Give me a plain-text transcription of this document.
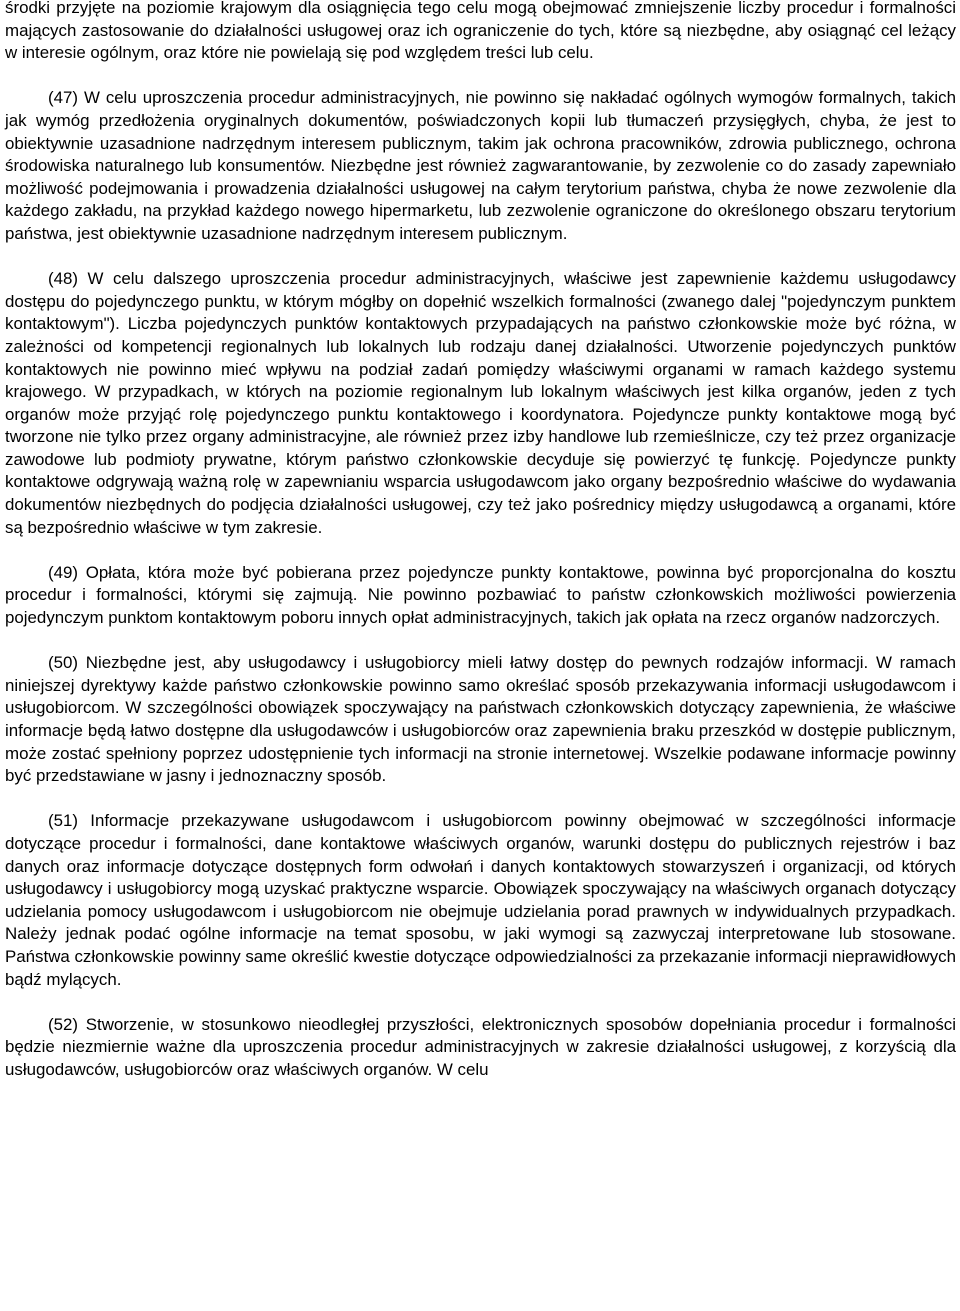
środki przyjęte na poziomie krajowym dla osiągnięcia tego celu mogą obejmować zmniejszenie liczby procedur i formalności mających zastosowanie do działalności usługowej oraz ich ograniczenie do tych, które są niezbędne, aby osiągnąć cel leżący w interesie ogólnym, oraz które nie powielają się pod względem treści lub celu.

(47) W celu uproszczenia procedur administracyjnych, nie powinno się nakładać ogólnych wymogów formalnych, takich jak wymóg przedłożenia oryginalnych dokumentów, poświadczonych kopii lub tłumaczeń przysięgłych, chyba, że jest to obiektywnie uzasadnione nadrzędnym interesem publicznym, takim jak ochrona pracowników, zdrowia publicznego, ochrona środowiska naturalnego lub konsumentów. Niezbędne jest również zagwarantowanie, by zezwolenie co do zasady zapewniało możliwość podejmowania i prowadzenia działalności usługowej na całym terytorium państwa, chyba że nowe zezwolenie dla każdego zakładu, na przykład każdego nowego hipermarketu, lub zezwolenie ograniczone do określonego obszaru terytorium państwa, jest obiektywnie uzasadnione nadrzędnym interesem publicznym.

(48) W celu dalszego uproszczenia procedur administracyjnych, właściwe jest zapewnienie każdemu usługodawcy dostępu do pojedynczego punktu, w którym mógłby on dopełnić wszelkich formalności (zwanego dalej "pojedynczym punktem kontaktowym"). Liczba pojedynczych punktów kontaktowych przypadających na państwo członkowskie może być różna, w zależności od kompetencji regionalnych lub lokalnych lub rodzaju danej działalności. Utworzenie pojedynczych punktów kontaktowych nie powinno mieć wpływu na podział zadań pomiędzy właściwymi organami w ramach każdego systemu krajowego. W przypadkach, w których na poziomie regionalnym lub lokalnym właściwych jest kilka organów, jeden z tych organów może przyjąć rolę pojedynczego punktu kontaktowego i koordynatora. Pojedyncze punkty kontaktowe mogą być tworzone nie tylko przez organy administracyjne, ale również przez izby handlowe lub rzemieślnicze, czy też przez organizacje zawodowe lub podmioty prywatne, którym państwo członkowskie decyduje się powierzyć tę funkcję. Pojedyncze punkty kontaktowe odgrywają ważną rolę w zapewnianiu wsparcia usługodawcom jako organy bezpośrednio właściwe do wydawania dokumentów niezbędnych do podjęcia działalności usługowej, czy też jako pośrednicy między usługodawcą a organami, które są bezpośrednio właściwe w tym zakresie.

(49) Opłata, która może być pobierana przez pojedyncze punkty kontaktowe, powinna być proporcjonalna do kosztu procedur i formalności, którymi się zajmują. Nie powinno pozbawiać to państw członkowskich możliwości powierzenia pojedynczym punktom kontaktowym poboru innych opłat administracyjnych, takich jak opłata na rzecz organów nadzorczych.

(50) Niezbędne jest, aby usługodawcy i usługobiorcy mieli łatwy dostęp do pewnych rodzajów informacji. W ramach niniejszej dyrektywy każde państwo członkowskie powinno samo określać sposób przekazywania informacji usługodawcom i usługobiorcom. W szczególności obowiązek spoczywający na państwach członkowskich dotyczący zapewnienia, że właściwe informacje będą łatwo dostępne dla usługodawców i usługobiorców oraz zapewnienia braku przeszkód w dostępie publicznym, może zostać spełniony poprzez udostępnienie tych informacji na stronie internetowej. Wszelkie podawane informacje powinny być przedstawiane w jasny i jednoznaczny sposób.

(51) Informacje przekazywane usługodawcom i usługobiorcom powinny obejmować w szczególności informacje dotyczące procedur i formalności, dane kontaktowe właściwych organów, warunki dostępu do publicznych rejestrów i baz danych oraz informacje dotyczące dostępnych form odwołań i danych kontaktowych stowarzyszeń i organizacji, od których usługodawcy i usługobiorcy mogą uzyskać praktyczne wsparcie. Obowiązek spoczywający na właściwych organach dotyczący udzielania pomocy usługodawcom i usługobiorcom nie obejmuje udzielania porad prawnych w indywidualnych przypadkach. Należy jednak podać ogólne informacje na temat sposobu, w jaki wymogi są zazwyczaj interpretowane lub stosowane. Państwa członkowskie powinny same określić kwestie dotyczące odpowiedzialności za przekazanie informacji nieprawidłowych bądź mylących.

(52) Stworzenie, w stosunkowo nieodległej przyszłości, elektronicznych sposobów dopełniania procedur i formalności będzie niezmiernie ważne dla uproszczenia procedur administracyjnych w zakresie działalności usługowej, z korzyścią dla usługodawców, usługobiorców oraz właściwych organów. W celu
